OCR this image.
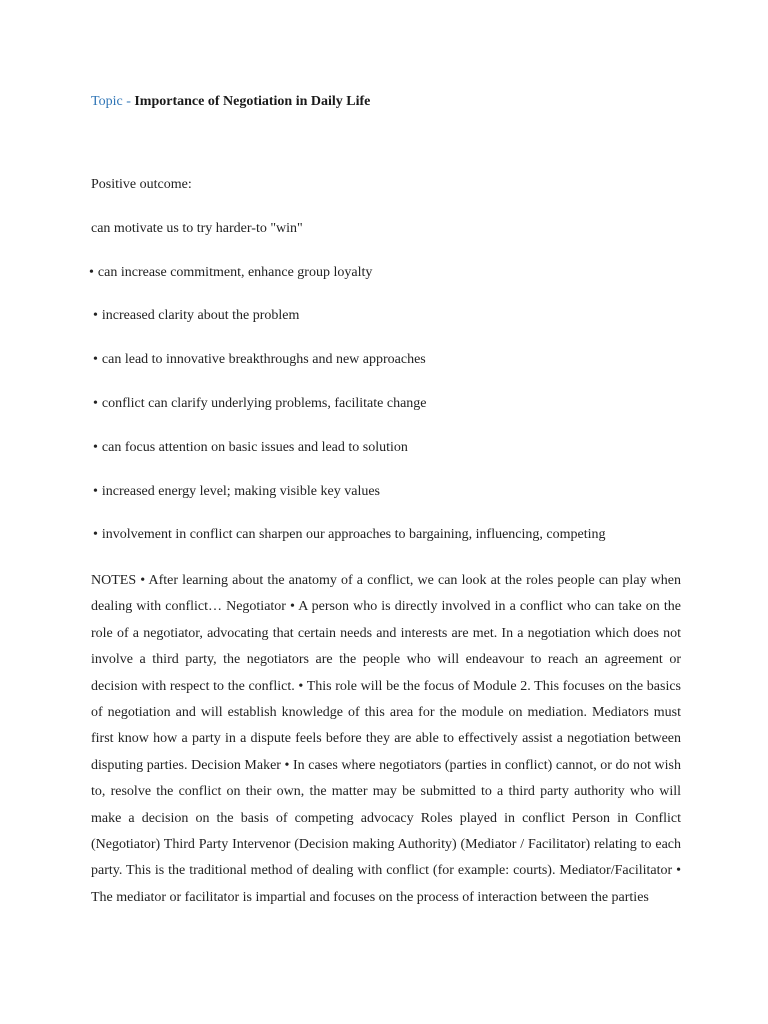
Topic - Importance of Negotiation in Daily Life
Positive outcome:
can motivate us to try harder-to "win"
• can increase commitment, enhance group loyalty
• increased clarity about the problem
• can lead to innovative breakthroughs and new approaches
• conflict can clarify underlying problems, facilitate change
• can focus attention on basic issues and lead to solution
• increased energy level; making visible key values
• involvement in conflict can sharpen our approaches to bargaining, influencing, competing
NOTES • After learning about the anatomy of a conflict, we can look at the roles people can play when dealing with conflict… Negotiator • A person who is directly involved in a conflict who can take on the role of a negotiator, advocating that certain needs and interests are met. In a negotiation which does not involve a third party, the negotiators are the people who will endeavour to reach an agreement or decision with respect to the conflict. • This role will be the focus of Module 2. This focuses on the basics of negotiation and will establish knowledge of this area for the module on mediation. Mediators must first know how a party in a dispute feels before they are able to effectively assist a negotiation between disputing parties. Decision Maker • In cases where negotiators (parties in conflict) cannot, or do not wish to, resolve the conflict on their own, the matter may be submitted to a third party authority who will make a decision on the basis of competing advocacy Roles played in conflict Person in Conflict (Negotiator) Third Party Intervenor (Decision making Authority) (Mediator / Facilitator) relating to each party. This is the traditional method of dealing with conflict (for example: courts). Mediator/Facilitator • The mediator or facilitator is impartial and focuses on the process of interaction between the parties
